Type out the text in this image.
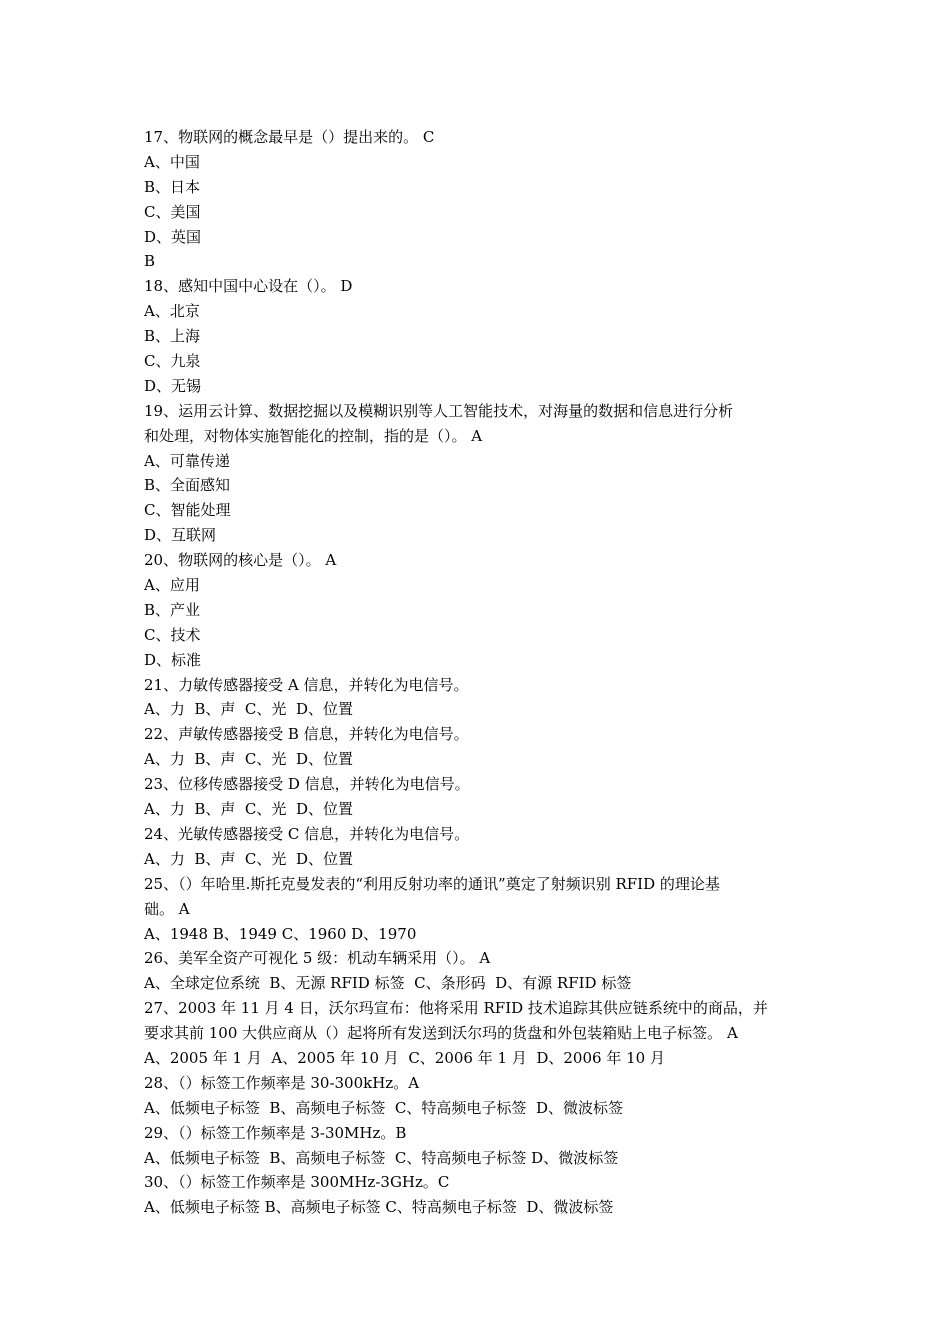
17、物联网的概念最早是（）提出来的。 C
A、中国
B、日本
C、美国
D、英国
B
18、感知中国中心设在（）。 D
A、北京
B、上海
C、九泉
D、无锡
19、运用云计算、数据挖掘以及模糊识别等人工智能技术，对海量的数据和信息进行分析
和处理，对物体实施智能化的控制，指的是（）。 A
A、可靠传递
B、全面感知
C、智能处理
D、互联网
20、物联网的核心是（）。 A
A、应用
B、产业
C、技术
D、标准
21、力敏传感器接受 A 信息，并转化为电信号。
A、力  B、声  C、光  D、位置
22、声敏传感器接受 B 信息，并转化为电信号。
A、力  B、声  C、光  D、位置
23、位移传感器接受 D 信息，并转化为电信号。
A、力  B、声  C、光  D、位置
24、光敏传感器接受 C 信息，并转化为电信号。
A、力  B、声  C、光  D、位置
25、（）年哈里.斯托克曼发表的“利用反射功率的通讯”奠定了射频识别 RFID 的理论基
础。 A
A、1948 B、1949 C、1960 D、1970
26、美军全资产可视化 5 级：机动车辆采用（）。 A
A、全球定位系统  B、无源 RFID 标签  C、条形码  D、有源 RFID 标签
27、2003 年 11 月 4 日，沃尔玛宣布：他将采用 RFID 技术追踪其供应链系统中的商品，并
要求其前 100 大供应商从（）起将所有发送到沃尔玛的货盘和外包装箱贴上电子标签。 A
A、2005 年 1 月  A、2005 年 10 月  C、2006 年 1 月  D、2006 年 10 月
28、（）标签工作频率是 30-300kHz。A
A、低频电子标签  B、高频电子标签  C、特高频电子标签  D、微波标签
29、（）标签工作频率是 3-30MHz。B
A、低频电子标签  B、高频电子标签  C、特高频电子标签 D、微波标签
30、（）标签工作频率是 300MHz-3GHz。C
A、低频电子标签 B、高频电子标签 C、特高频电子标签  D、微波标签
